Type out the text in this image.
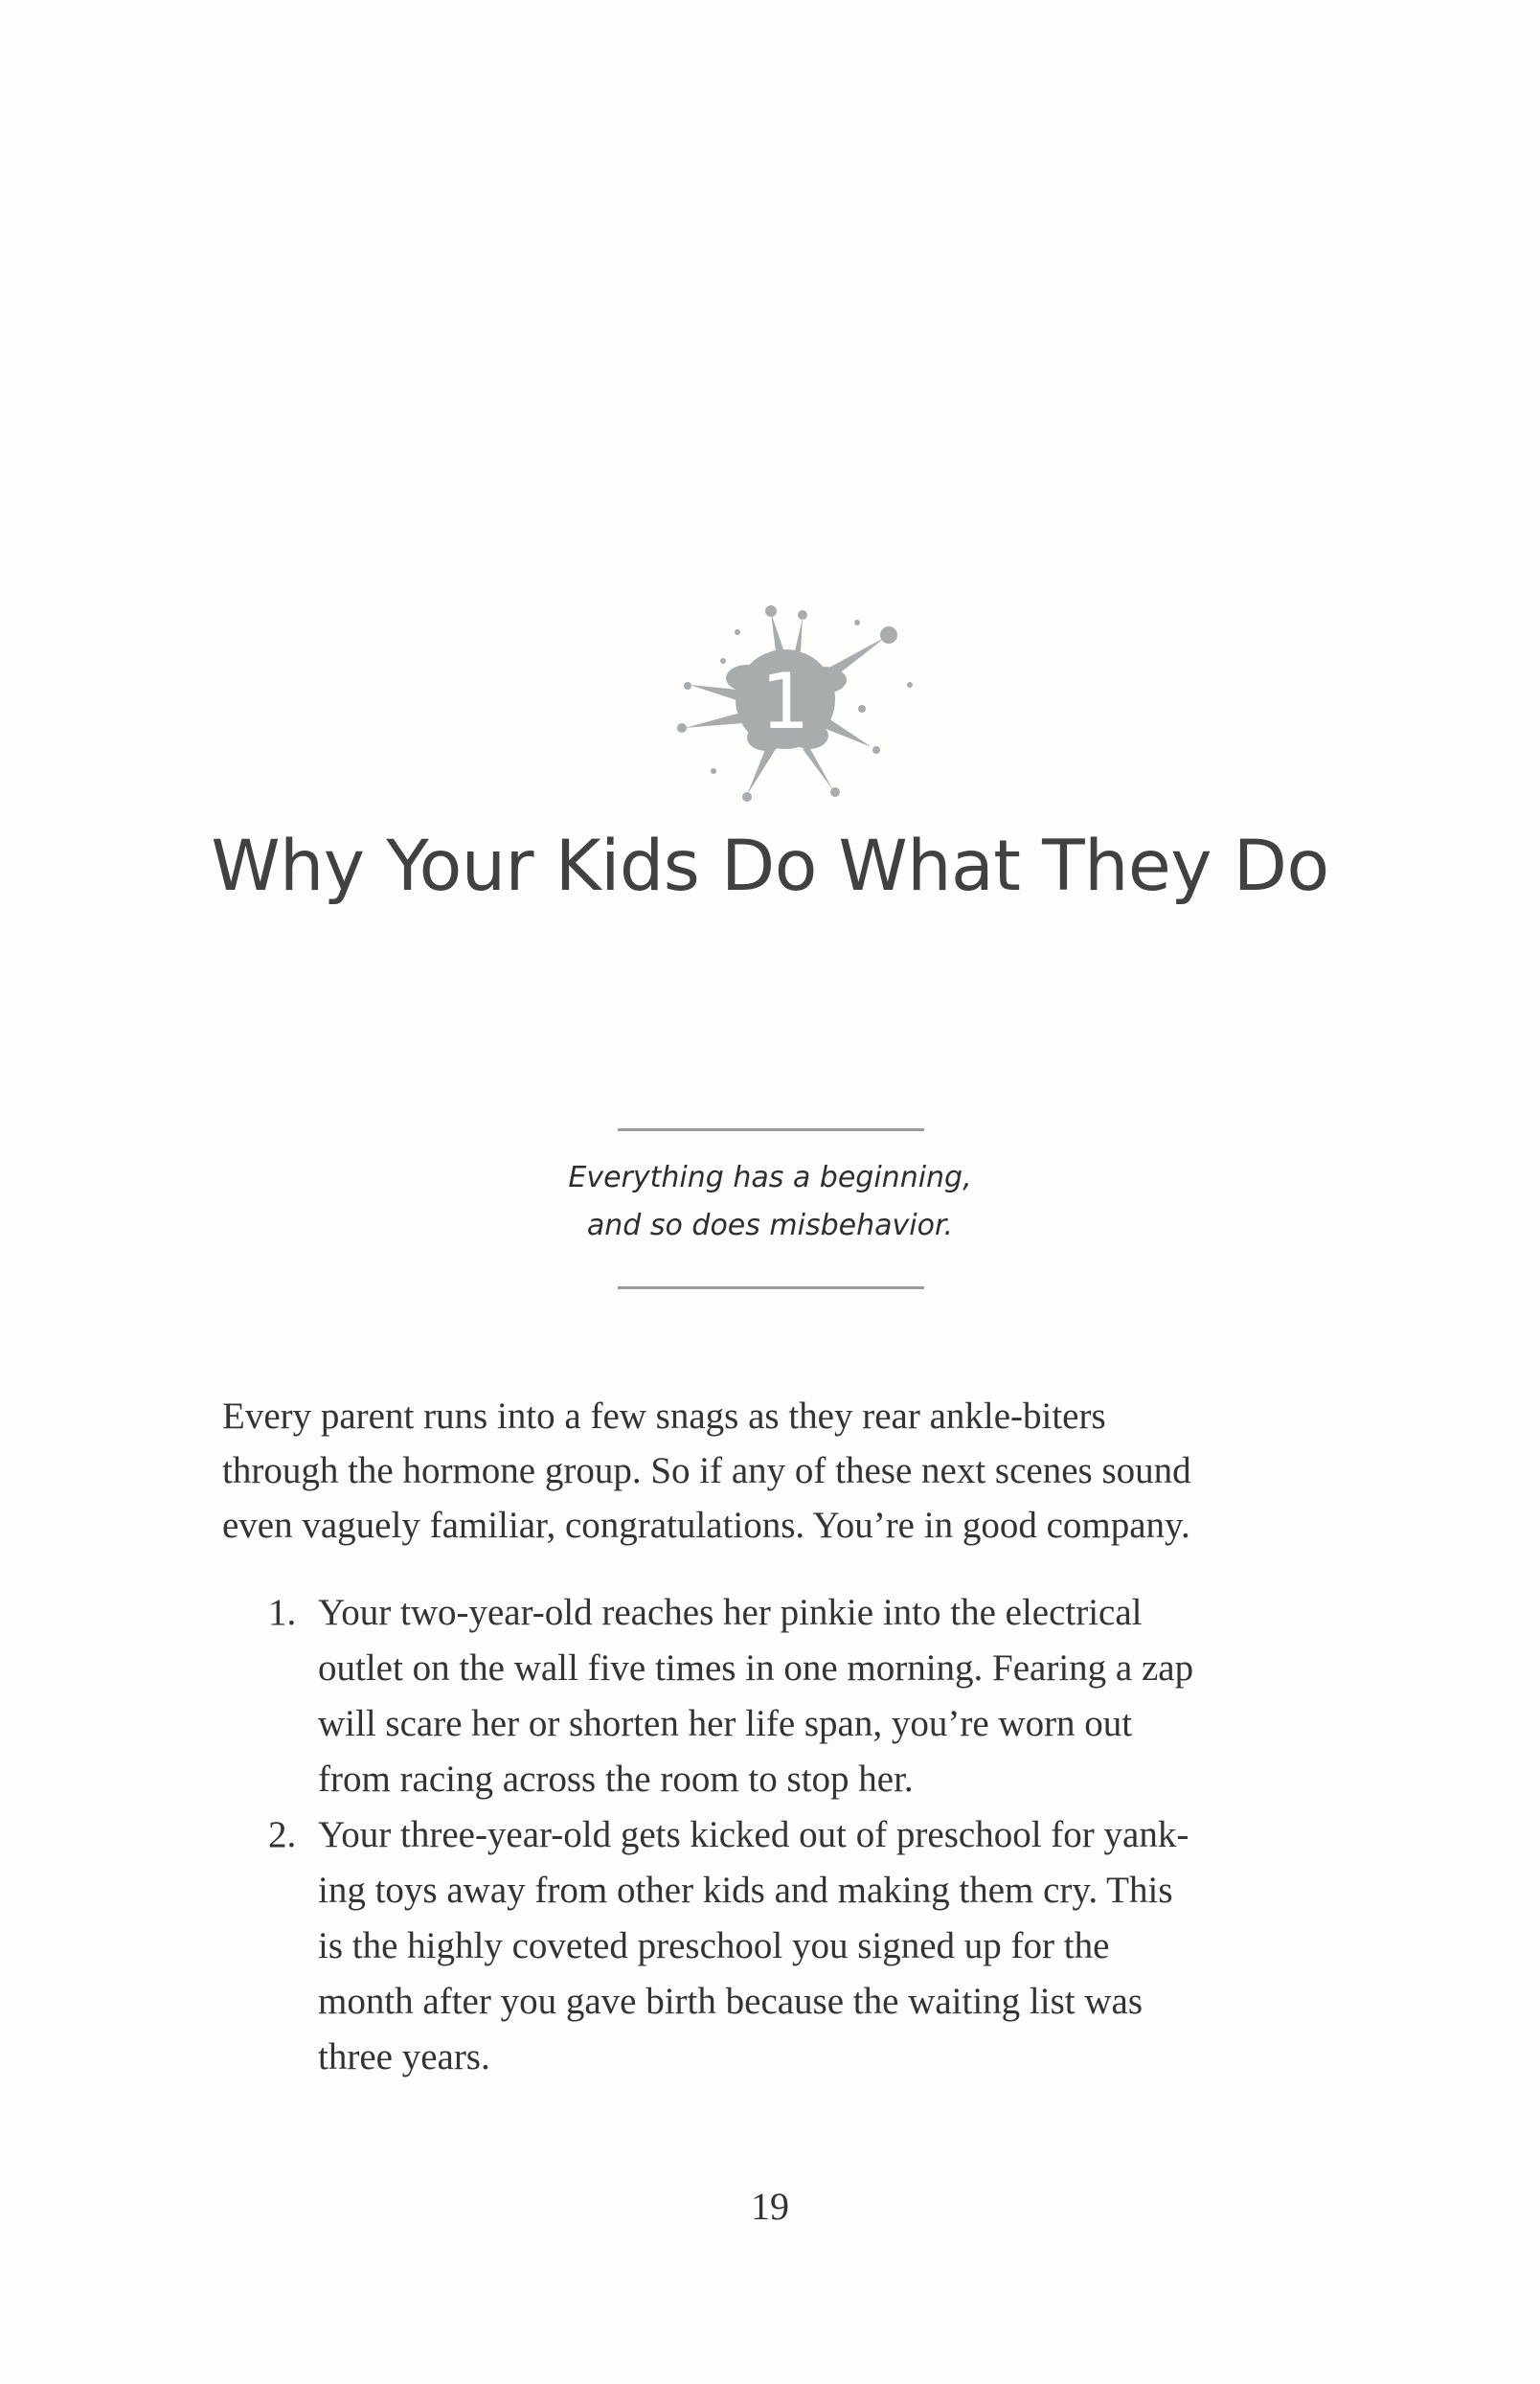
1
Why Your Kids Do What They Do
Everything has a beginning,
and so does misbehavior.
Every parent runs into a few snags as they rear ankle-biters
through the hormone group. So if any of these next scenes sound
even vaguely familiar, congratulations. You’re in good company.
1. Your two-year-old reaches her pinkie into the electrical
outlet on the wall five times in one morning. Fearing a zap
will scare her or shorten her life span, you’re worn out
from racing across the room to stop her.
2. Your three-year-old gets kicked out of preschool for yank-
ing toys away from other kids and making them cry. This
is the highly coveted preschool you signed up for the
month after you gave birth because the waiting list was
three years.
19
